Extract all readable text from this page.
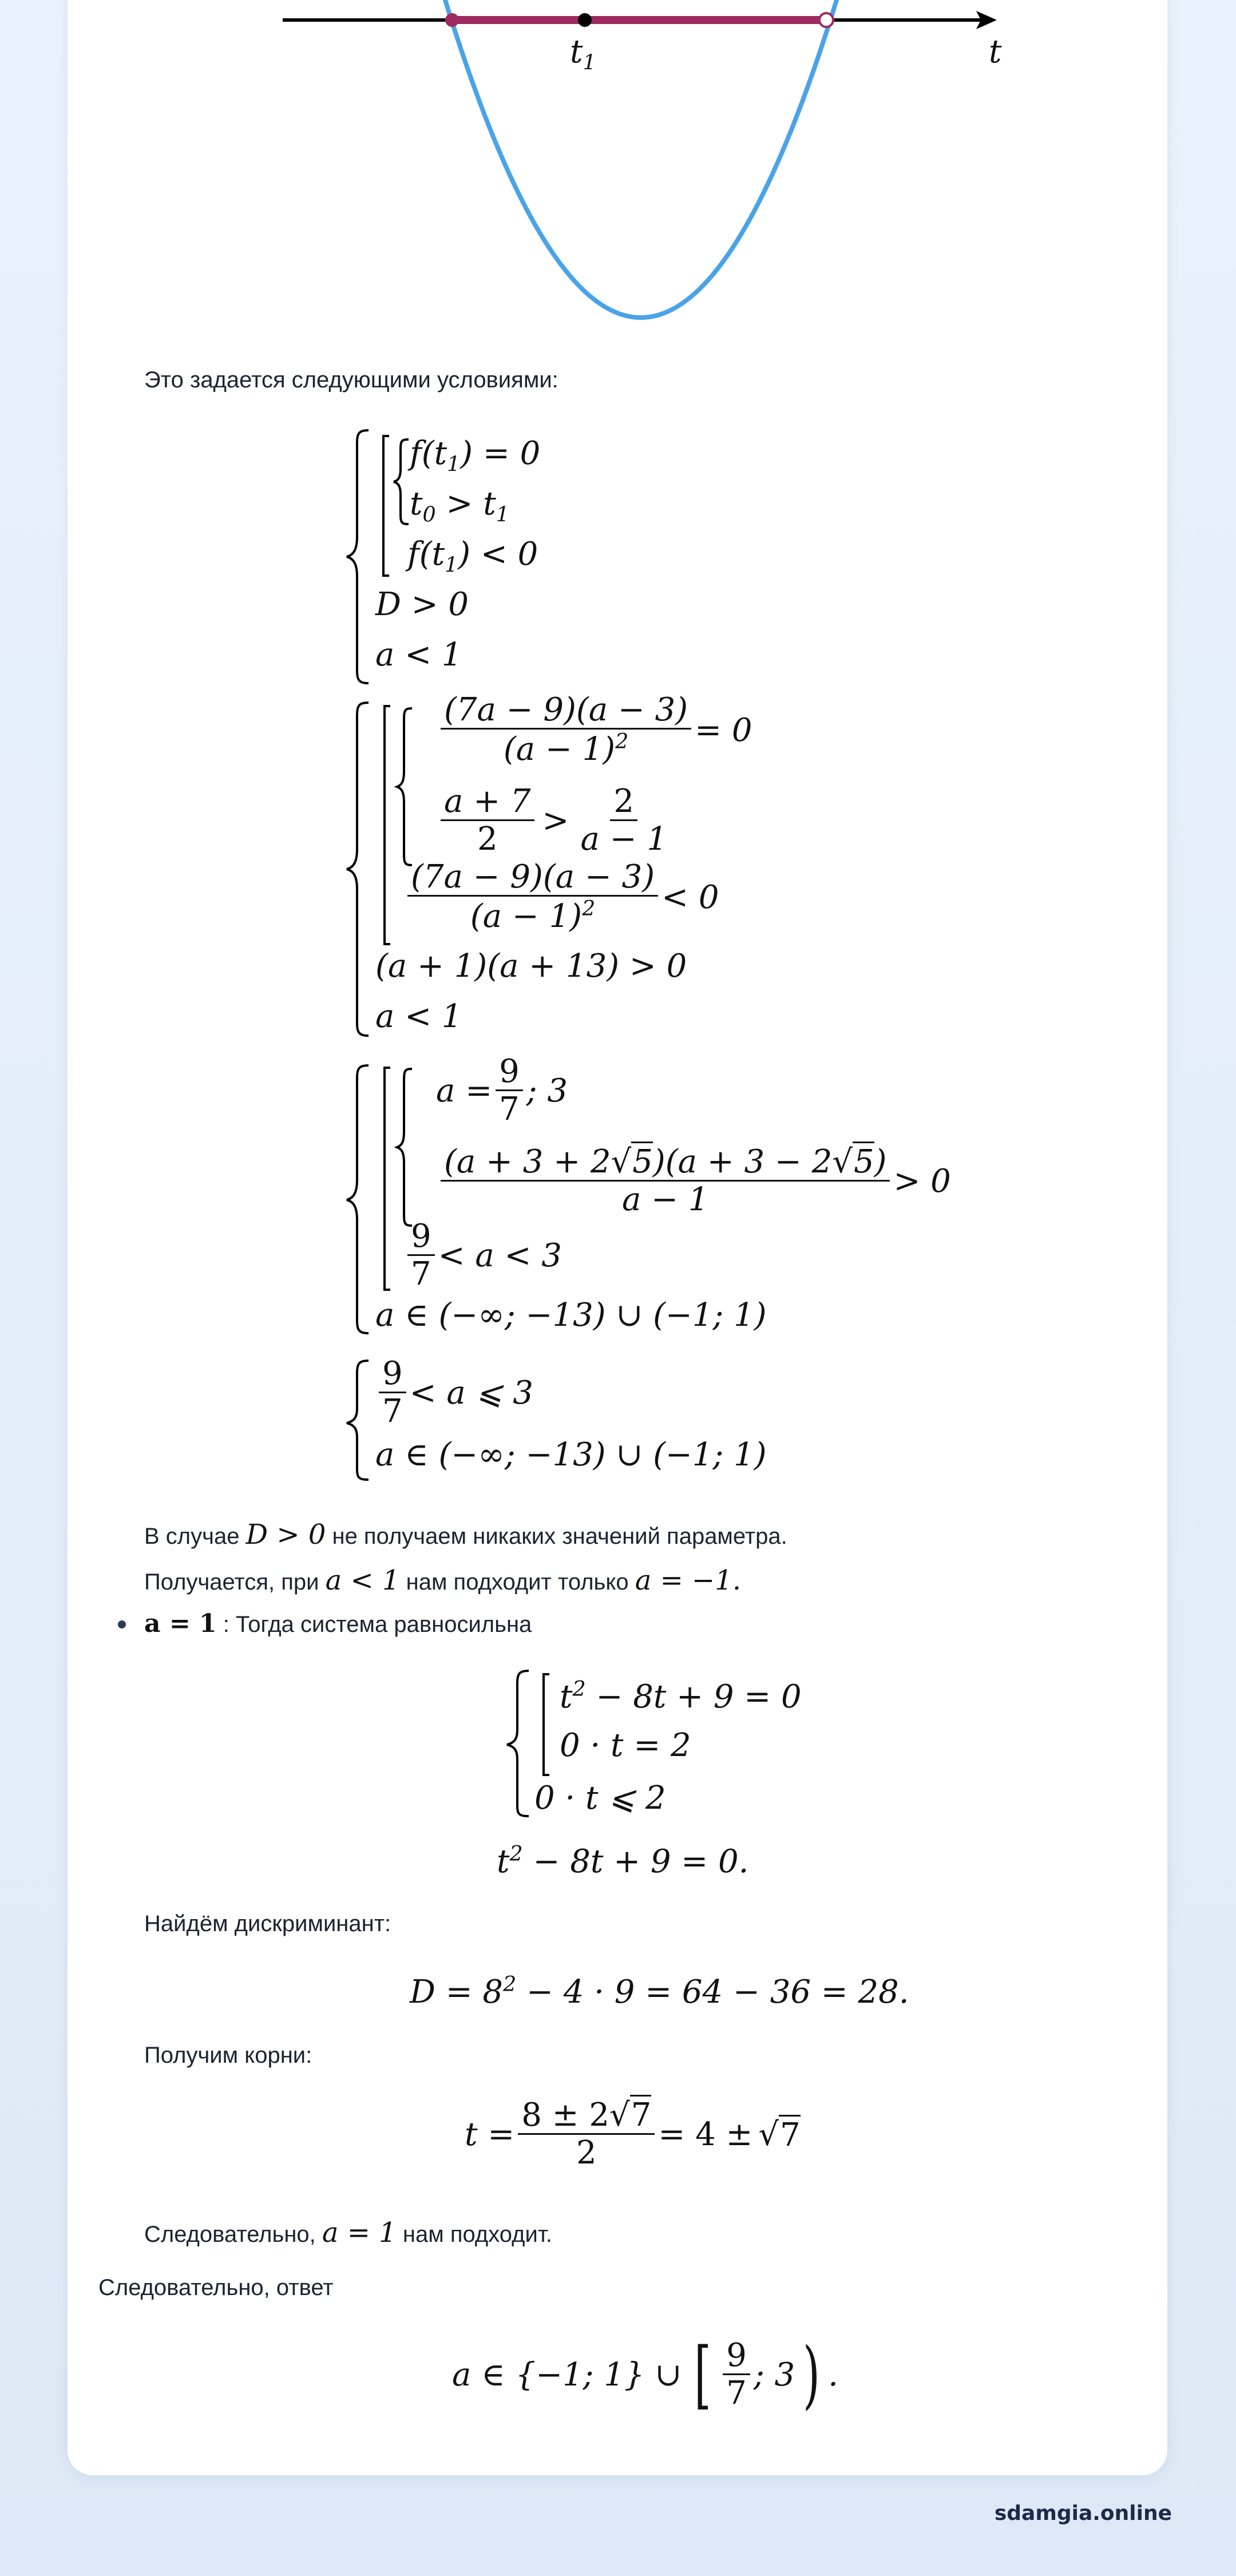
$t_1$	t
Это задается следующими условиями:
$f(t_1) = 0$
$t_0 > t_1$
$f(t_1) < 0$
D > 0
a < 1
$\frac{(7a - 9)(a - 3)}{(a - 1)^2} = 0$
$\frac{a + 7}{2} > \frac{2}{a - 1}$
$\frac{(7a - 9)(a - 3)}{(a - 1)^2} < 0$
(a + 1)(a + 13) > 0
a < 1
$a = \frac{9}{7}$ ; 3
$\frac{(a + 3 + 2√5)(a + 3 - 2√5)}{a - 1} > 0$
$\frac{9}{7} < a < 3$
a ∈ (−∞; −13) ∪ (−1; 1)
$\frac{9}{7} < a$ ⩽ 3
a ∈ (−∞; −13) ∪ (−1; 1)
В случае D > 0 не получаем никаких значений параметра.
Получается, при a < 1 нам подходит только a = −1.
a = 1 : Тогда система равносильна
$t^2 - 8t + 9 = 0$
0 · t = 2
0 · t ⩽ 2
$t^2 - 8t + 9 = 0$.
Найдём дискриминант:
$D = 8^2 - 4 \cdot 9 = 64 - 36 = 28$.
Получим корни:
$t = \frac{8 \pm 2√7}{2} = 4$ ± √ 7
Следовательно, a = 1 нам подходит.
Следовательно, ответ
a ∈ {−1; 1} ∪ [ $\frac{9}{7}$ ; 3 ) .
sdamgia.online
